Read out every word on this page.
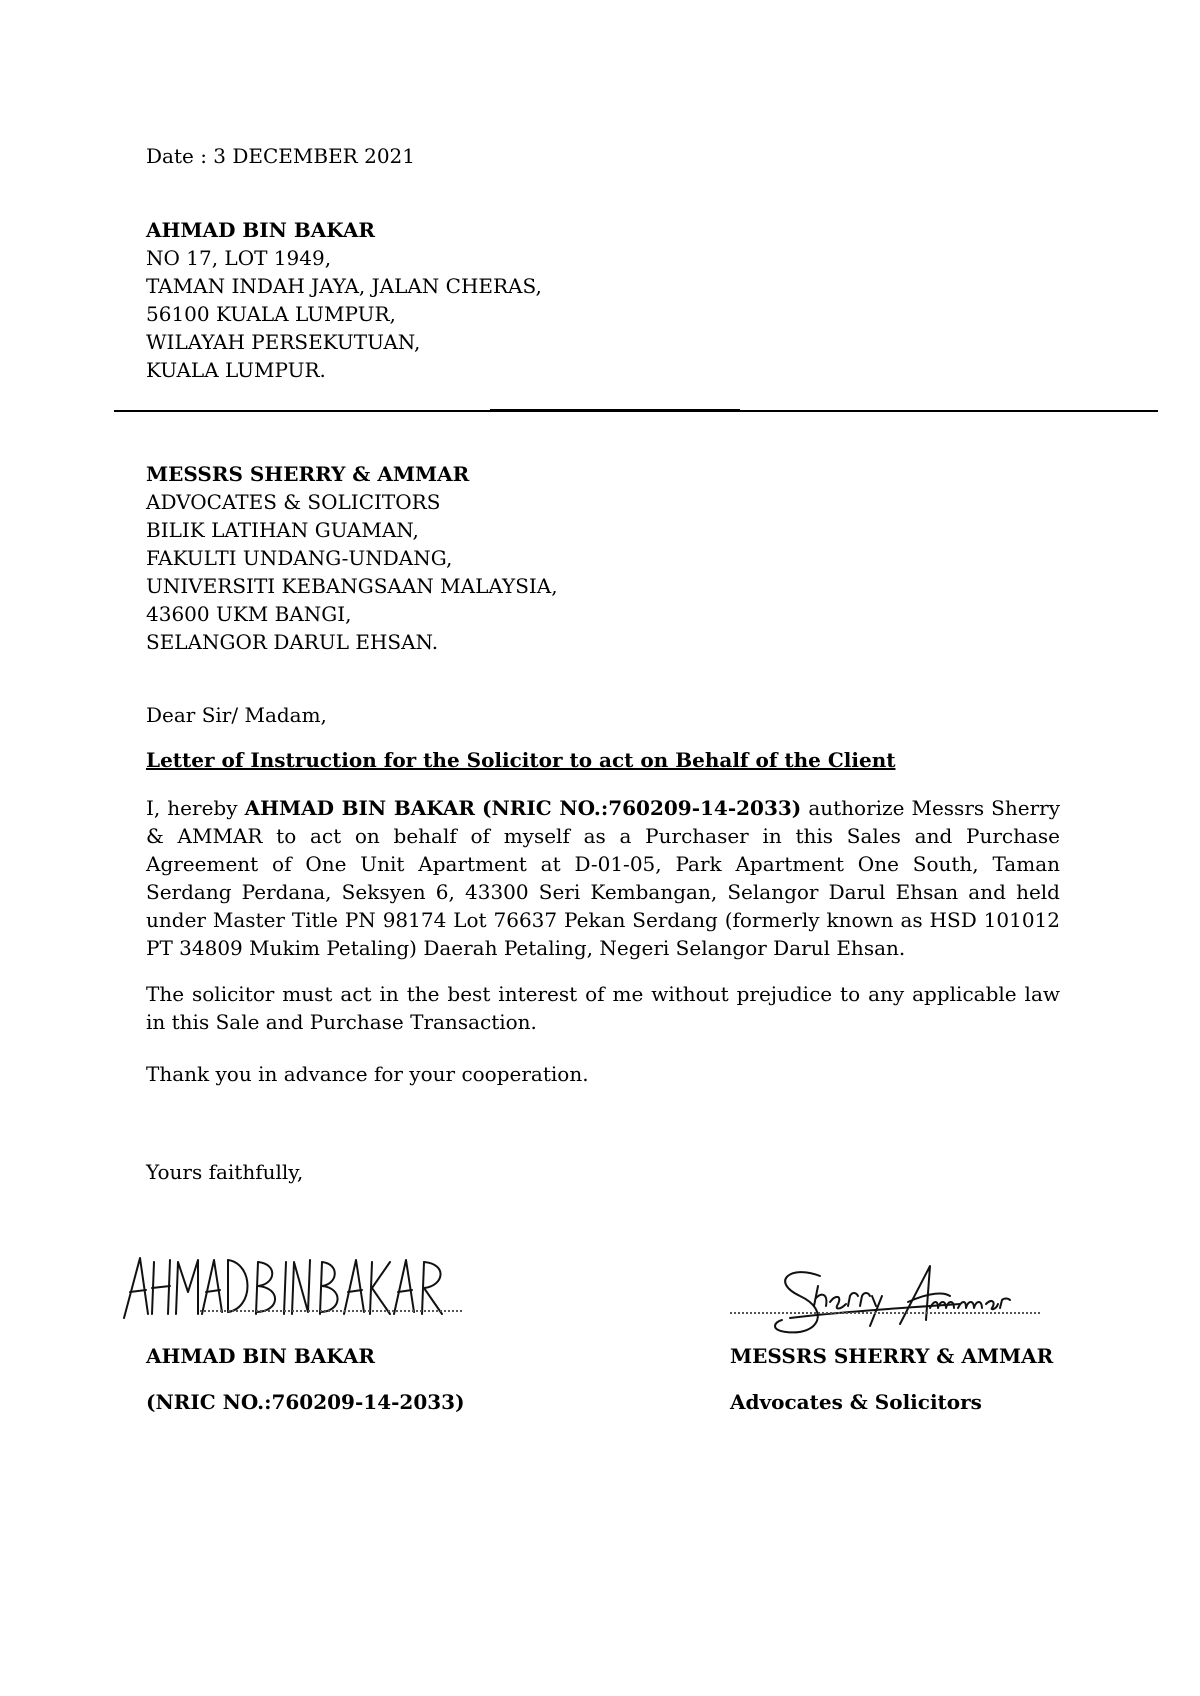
Date : 3 DECEMBER 2021
AHMAD BIN BAKAR
NO 17, LOT 1949,
TAMAN INDAH JAYA, JALAN CHERAS,
56100 KUALA LUMPUR,
WILAYAH PERSEKUTUAN,
KUALA LUMPUR.
MESSRS SHERRY & AMMAR
ADVOCATES & SOLICITORS
BILIK LATIHAN GUAMAN,
FAKULTI UNDANG-UNDANG,
UNIVERSITI KEBANGSAAN MALAYSIA,
43600 UKM BANGI,
SELANGOR DARUL EHSAN.
Dear Sir/ Madam,
Letter of Instruction for the Solicitor to act on Behalf of the Client
I, hereby AHMAD BIN BAKAR (NRIC NO.:760209-14-2033) authorize Messrs Sherry & AMMAR to act on behalf of myself as a Purchaser in this Sales and Purchase Agreement of One Unit Apartment at D-01-05, Park Apartment One South, Taman Serdang Perdana, Seksyen 6, 43300 Seri Kembangan, Selangor Darul Ehsan and held under Master Title PN 98174 Lot 76637 Pekan Serdang (formerly known as HSD 101012 PT 34809 Mukim Petaling) Daerah Petaling, Negeri Selangor Darul Ehsan.
The solicitor must act in the best interest of me without prejudice to any applicable law in this Sale and Purchase Transaction.
Thank you in advance for your cooperation.
Yours faithfully,
AHMAD BIN BAKAR
(NRIC NO.:760209-14-2033)
MESSRS SHERRY & AMMAR
Advocates & Solicitors
